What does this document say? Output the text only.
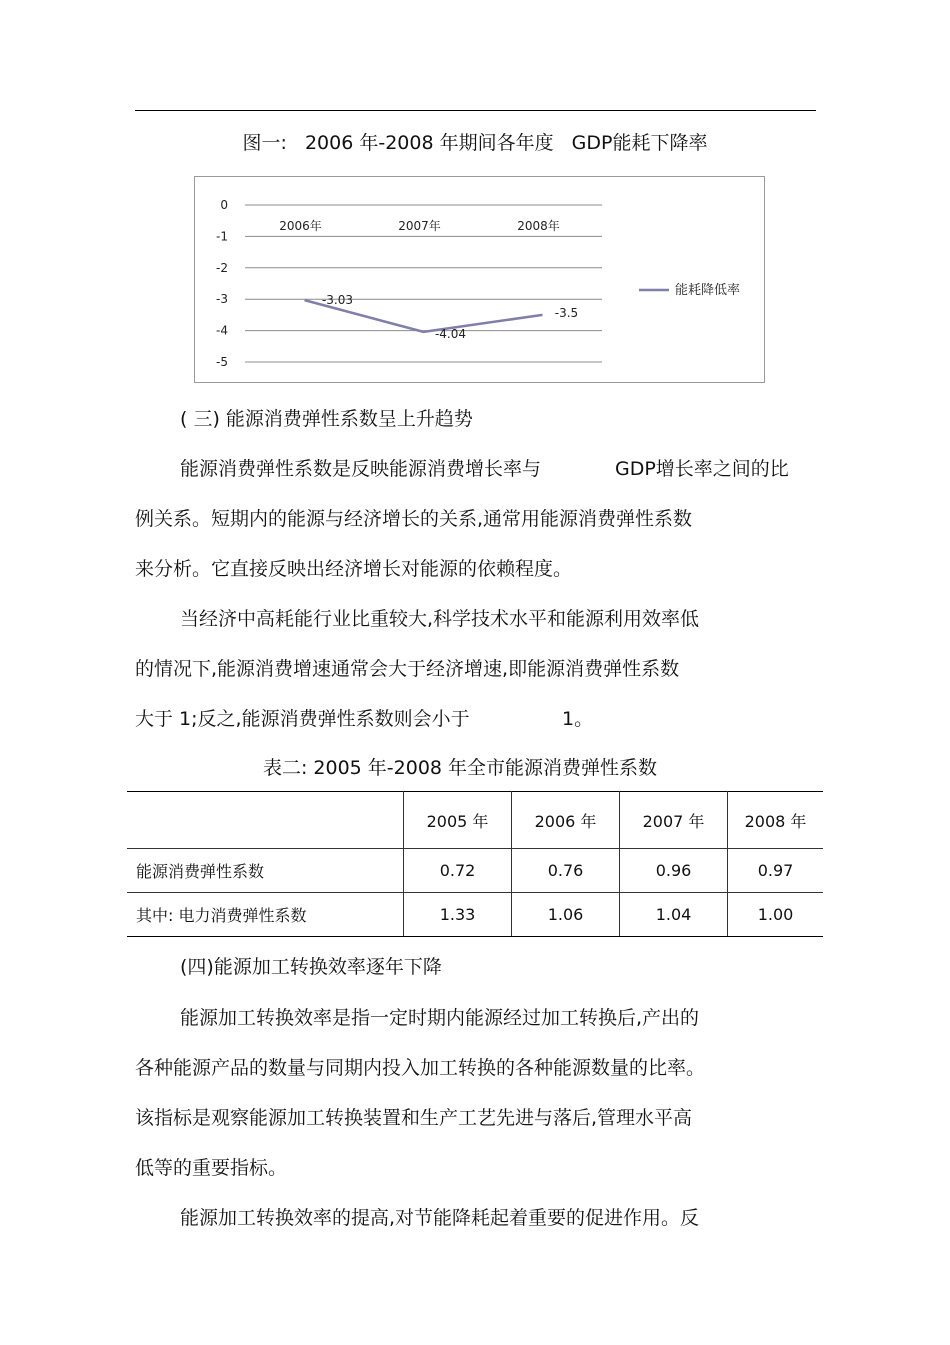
图一: 2006 年-2008 年期间各年度 GDP能耗下降率
0
-1
-2
-3
-4
-5
2006年	2007年	2008年
-3.03
-4.04
-3.5
能耗降低率
( 三) 能源消费弹性系数呈上升趋势
能源消费弹性系数是反映能源消费增长率与	GDP增长率之间的比
例关系。短期内的能源与经济增长的关系,通常用能源消费弹性系数
来分析。它直接反映出经济增长对能源的依赖程度。
当经济中高耗能行业比重较大,科学技术水平和能源利用效率低
的情况下,能源消费增速通常会大于经济增速,即能源消费弹性系数
大于 1;反之,能源消费弹性系数则会小于	1。
表二: 2005 年-2008 年全市能源消费弹性系数
	2005 年	2006 年	2007 年	2008 年
能源消费弹性系数	0.72	0.76	0.96	0.97
其中: 电力消费弹性系数	1.33	1.06	1.04	1.00
(四)能源加工转换效率逐年下降
能源加工转换效率是指一定时期内能源经过加工转换后,产出的
各种能源产品的数量与同期内投入加工转换的各种能源数量的比率。
该指标是观察能源加工转换装置和生产工艺先进与落后,管理水平高
低等的重要指标。
能源加工转换效率的提高,对节能降耗起着重要的促进作用。反
